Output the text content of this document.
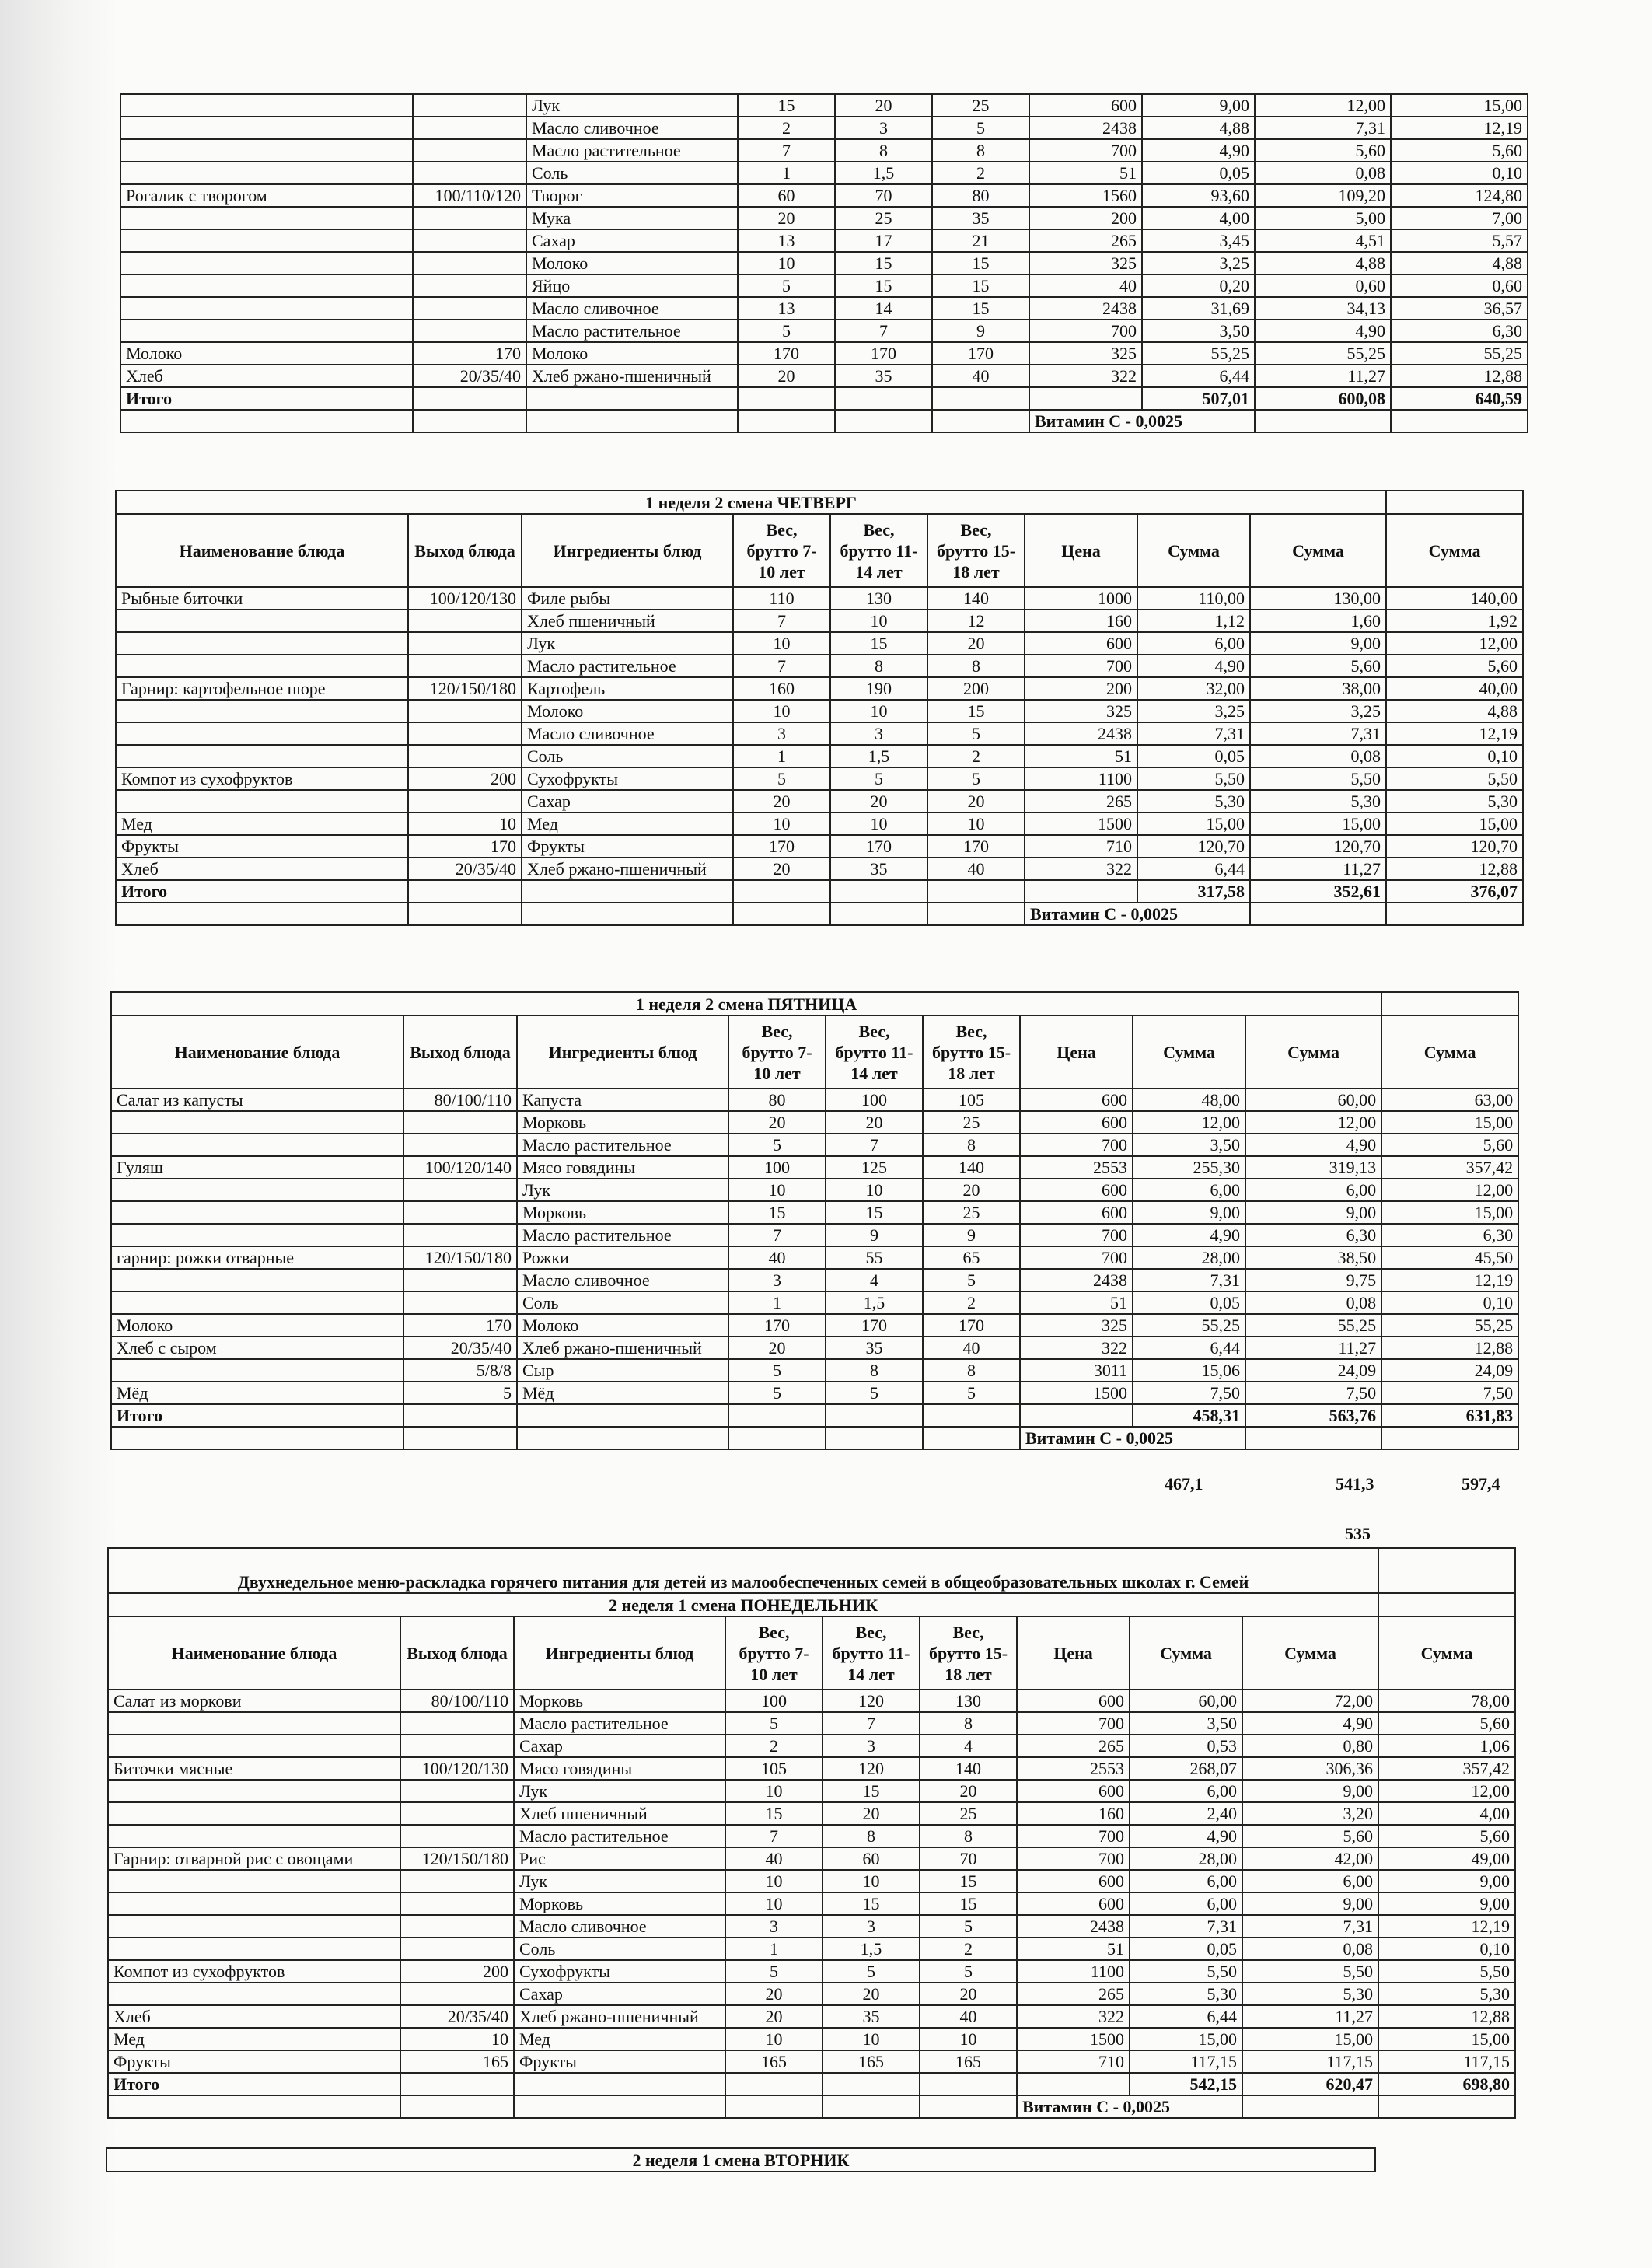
		Лук	15	20	25	600	9,00	12,00	15,00
		Масло сливочное	2	3	5	2438	4,88	7,31	12,19
		Масло растительное	7	8	8	700	4,90	5,60	5,60
		Соль	1	1,5	2	51	0,05	0,08	0,10
Рогалик с творогом	100/110/120	Творог	60	70	80	1560	93,60	109,20	124,80
		Мука	20	25	35	200	4,00	5,00	7,00
		Сахар	13	17	21	265	3,45	4,51	5,57
		Молоко	10	15	15	325	3,25	4,88	4,88
		Яйцо	5	15	15	40	0,20	0,60	0,60
		Масло сливочное	13	14	15	2438	31,69	34,13	36,57
		Масло растительное	5	7	9	700	3,50	4,90	6,30
Молоко	170	Молоко	170	170	170	325	55,25	55,25	55,25
Хлеб	20/35/40	Хлеб ржано-пшеничный	20	35	40	322	6,44	11,27	12,88
Итого							507,01	600,08	640,59
						Витамин С - 0,0025			
1 неделя 2 смена ЧЕТВЕРГ									
Наименование блюда	Выход блюда	Ингредиенты блюд	Вес, брутто 7-10 лет	Вес, брутто 11-14 лет	Вес, брутто 15-18 лет	Цена	Сумма	Сумма	Сумма
Рыбные биточки	100/120/130	Филе рыбы	110	130	140	1000	110,00	130,00	140,00
		Хлеб пшеничный	7	10	12	160	1,12	1,60	1,92
		Лук	10	15	20	600	6,00	9,00	12,00
		Масло растительное	7	8	8	700	4,90	5,60	5,60
Гарнир: картофельное пюре	120/150/180	Картофель	160	190	200	200	32,00	38,00	40,00
		Молоко	10	10	15	325	3,25	3,25	4,88
		Масло сливочное	3	3	5	2438	7,31	7,31	12,19
		Соль	1	1,5	2	51	0,05	0,08	0,10
Компот из сухофруктов	200	Сухофрукты	5	5	5	1100	5,50	5,50	5,50
		Сахар	20	20	20	265	5,30	5,30	5,30
Мед	10	Мед	10	10	10	1500	15,00	15,00	15,00
Фрукты	170	Фрукты	170	170	170	710	120,70	120,70	120,70
Хлеб	20/35/40	Хлеб ржано-пшеничный	20	35	40	322	6,44	11,27	12,88
Итого							317,58	352,61	376,07
						Витамин С - 0,0025			
1 неделя 2 смена ПЯТНИЦА									
Наименование блюда	Выход блюда	Ингредиенты блюд	Вес, брутто 7-10 лет	Вес, брутто 11-14 лет	Вес, брутто 15-18 лет	Цена	Сумма	Сумма	Сумма
Салат из капусты	80/100/110	Капуста	80	100	105	600	48,00	60,00	63,00
		Морковь	20	20	25	600	12,00	12,00	15,00
		Масло растительное	5	7	8	700	3,50	4,90	5,60
Гуляш	100/120/140	Мясо говядины	100	125	140	2553	255,30	319,13	357,42
		Лук	10	10	20	600	6,00	6,00	12,00
		Морковь	15	15	25	600	9,00	9,00	15,00
		Масло растительное	7	9	9	700	4,90	6,30	6,30
гарнир: рожки отварные	120/150/180	Рожки	40	55	65	700	28,00	38,50	45,50
		Масло сливочное	3	4	5	2438	7,31	9,75	12,19
		Соль	1	1,5	2	51	0,05	0,08	0,10
Молоко	170	Молоко	170	170	170	325	55,25	55,25	55,25
Хлеб с сыром	20/35/40	Хлеб ржано-пшеничный	20	35	40	322	6,44	11,27	12,88
	5/8/8	Сыр	5	8	8	3011	15,06	24,09	24,09
Мёд	5	Мёд	5	5	5	1500	7,50	7,50	7,50
Итого							458,31	563,76	631,83
						Витамин С - 0,0025			
467,1	541,3	597,4
535
Двухнедельное меню-раскладка горячего питания для детей из малообеспеченных семей в общеобразовательных школах г. Семей									
2 неделя 1 смена ПОНЕДЕЛЬНИК									
Наименование блюда	Выход блюда	Ингредиенты блюд	Вес, брутто 7-10 лет	Вес, брутто 11-14 лет	Вес, брутто 15-18 лет	Цена	Сумма	Сумма	Сумма
Салат из моркови	80/100/110	Морковь	100	120	130	600	60,00	72,00	78,00
		Масло растительное	5	7	8	700	3,50	4,90	5,60
		Сахар	2	3	4	265	0,53	0,80	1,06
Биточки мясные	100/120/130	Мясо говядины	105	120	140	2553	268,07	306,36	357,42
		Лук	10	15	20	600	6,00	9,00	12,00
		Хлеб пшеничный	15	20	25	160	2,40	3,20	4,00
		Масло растительное	7	8	8	700	4,90	5,60	5,60
Гарнир: отварной рис с овощами	120/150/180	Рис	40	60	70	700	28,00	42,00	49,00
		Лук	10	10	15	600	6,00	6,00	9,00
		Морковь	10	15	15	600	6,00	9,00	9,00
		Масло сливочное	3	3	5	2438	7,31	7,31	12,19
		Соль	1	1,5	2	51	0,05	0,08	0,10
Компот из сухофруктов	200	Сухофрукты	5	5	5	1100	5,50	5,50	5,50
		Сахар	20	20	20	265	5,30	5,30	5,30
Хлеб	20/35/40	Хлеб ржано-пшеничный	20	35	40	322	6,44	11,27	12,88
Мед	10	Мед	10	10	10	1500	15,00	15,00	15,00
Фрукты	165	Фрукты	165	165	165	710	117,15	117,15	117,15
Итого							542,15	620,47	698,80
						Витамин С - 0,0025			
2 неделя 1 смена ВТОРНИК
